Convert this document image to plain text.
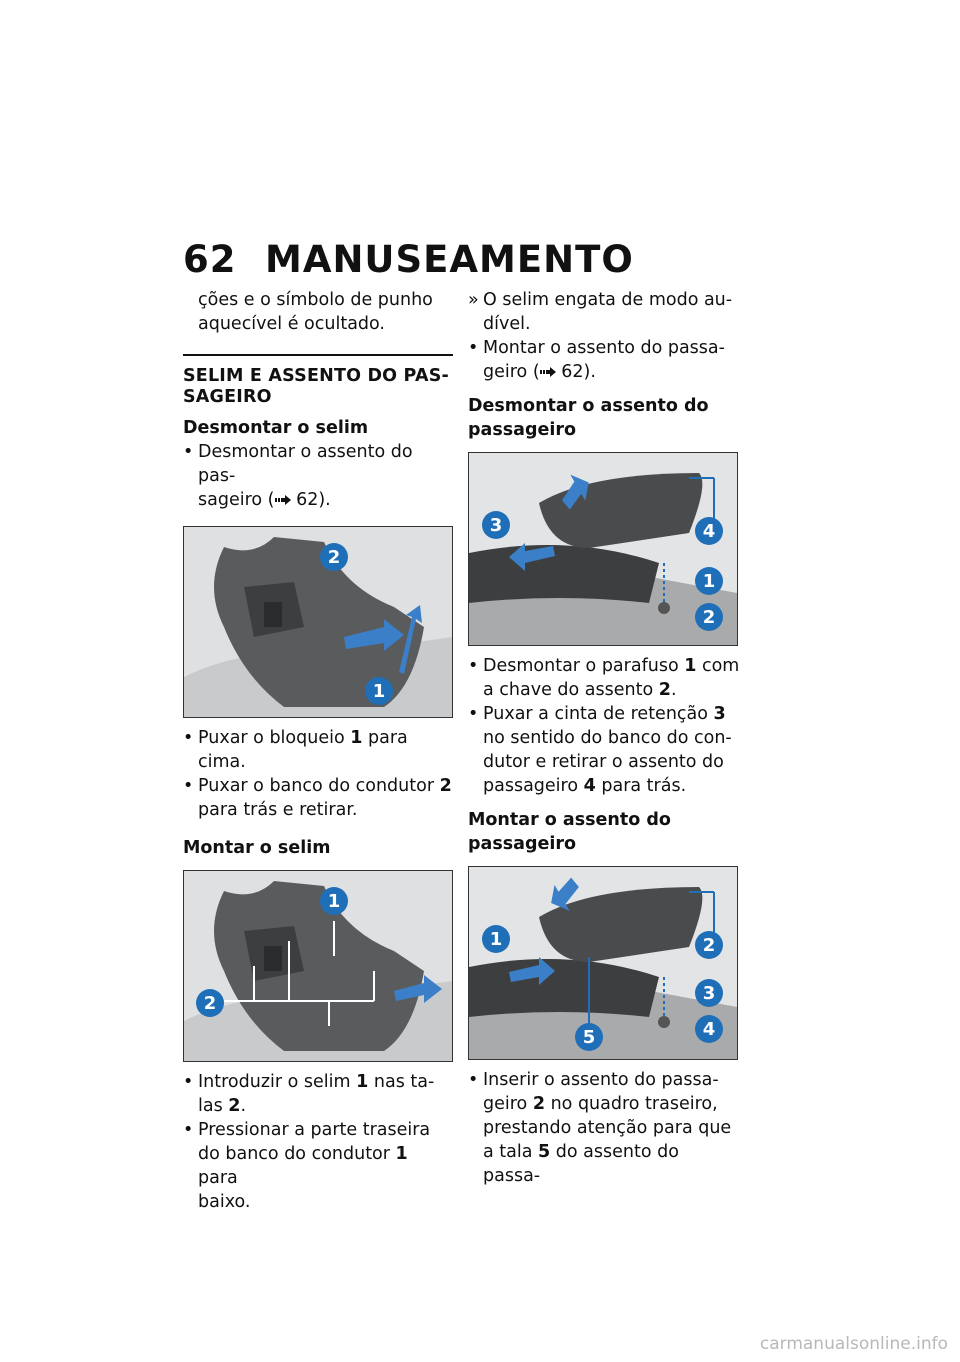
62 MANUSEAMENTO

ções e o símbolo de punho
aquecível é ocultado.

SELIM E ASSENTO DO PAS-
SAGEIRO
Desmontar o selim
• Desmontar o assento do pas-
sageiro ( 62).
2
1
• Puxar o bloqueio 1 para cima.
• Puxar o banco do condutor 2
para trás e retirar.
Montar o selim
1
2
• Introduzir o selim 1 nas ta-
las 2.
• Pressionar a parte traseira
do banco do condutor 1 para
baixo.
» O selim engata de modo au-
dível.
• Montar o assento do passa-
geiro ( 62).
Desmontar o assento do
passageiro
3	4
1
2
• Desmontar o parafuso 1 com
a chave do assento 2.
• Puxar a cinta de retenção 3
no sentido do banco do con-
dutor e retirar o assento do
passageiro 4 para trás.
Montar o assento do
passageiro
1	2
3
5	4
• Inserir o assento do passa-
geiro 2 no quadro traseiro,
prestando atenção para que
a tala 5 do assento do passa-
carmanualsonline.info
